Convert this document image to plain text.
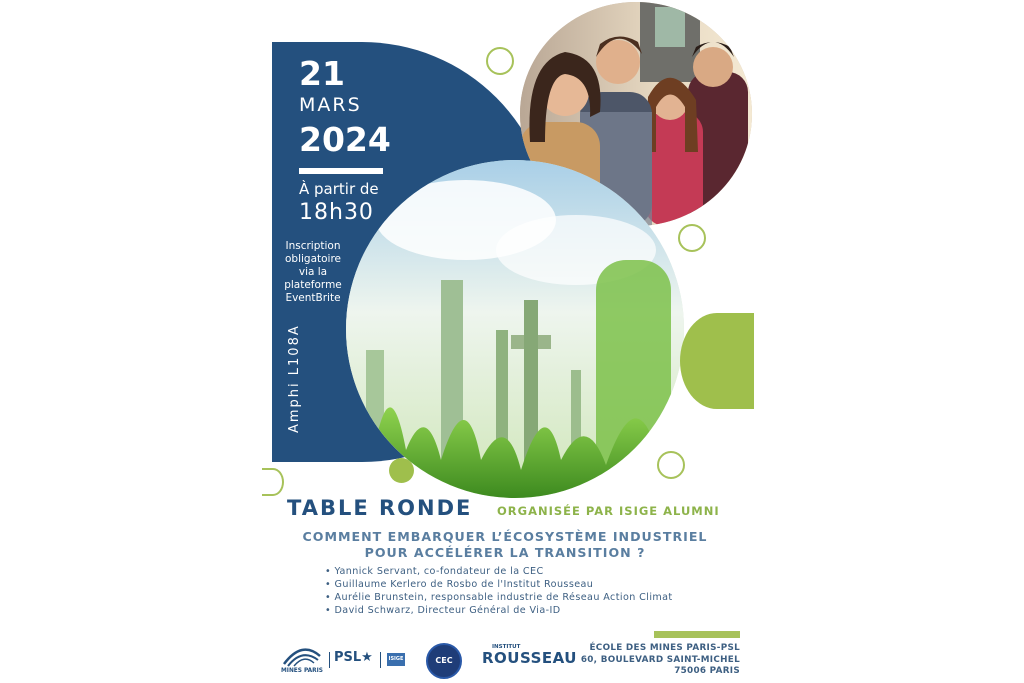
21
MARS
2024
À partir de
18h30
Inscription
obligatoire
via la
plateforme
EventBrite
Amphi L108A
TABLE RONDE ORGANISÉE PAR ISIGE ALUMNI
COMMENT EMBARQUER L’ÉCOSYSTÈME INDUSTRIEL
POUR ACCÉLÉRER LA TRANSITION ?
• Yannick Servant, co-fondateur de la CEC
• Guillaume Kerlero de Rosbo de l'Institut Rousseau
• Aurélie Brunstein, responsable industrie de Réseau Action Climat
• David Schwarz, Directeur Général de Via-ID
MINES PARIS
PSL★	ISIGE	CEC
INSTITUT
ROUSSEAU
ÉCOLE DES MINES PARIS-PSL
60, BOULEVARD SAINT-MICHEL
75006 PARIS
